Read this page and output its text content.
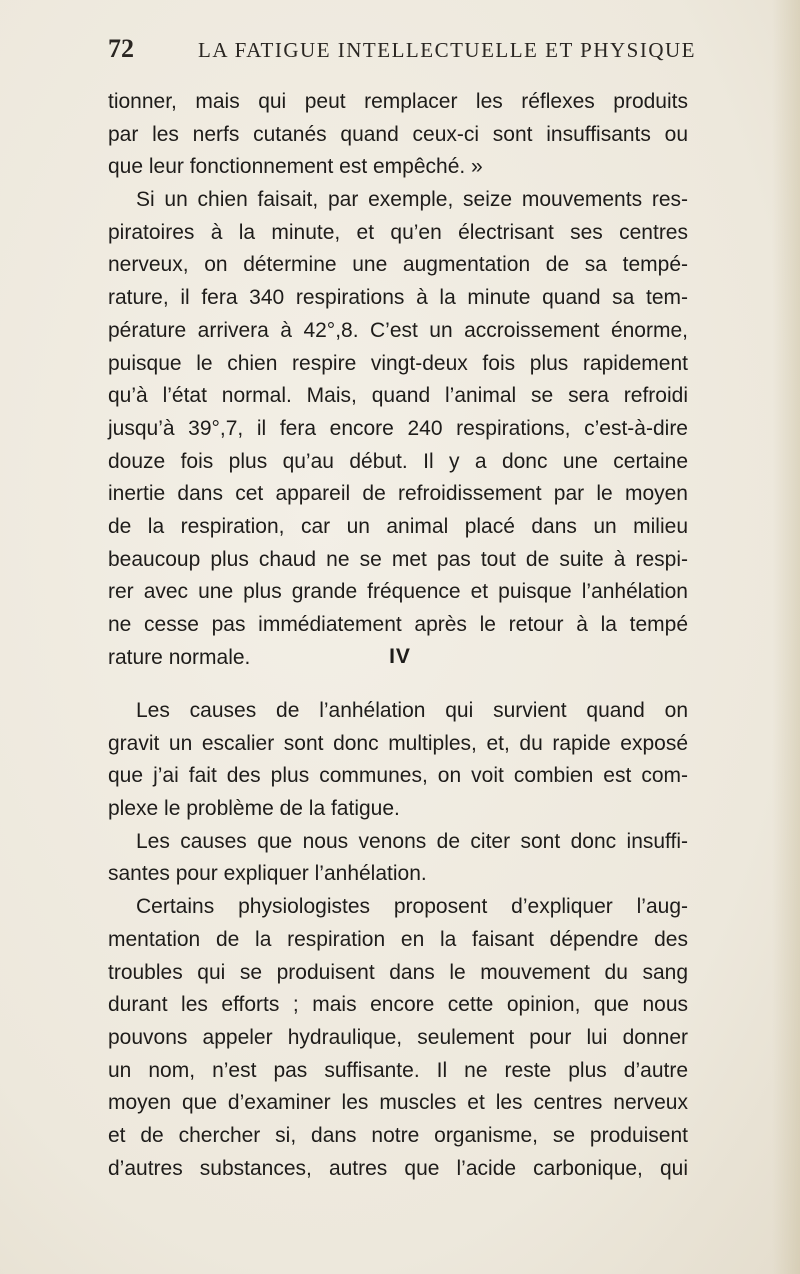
72	LA FATIGUE INTELLECTUELLE ET PHYSIQUE
tionner, mais qui peut remplacer les réflexes produits
par les nerfs cutanés quand ceux-ci sont insuffisants ou
que leur fonctionnement est empêché. »
Si un chien faisait, par exemple, seize mouvements res-
piratoires à la minute, et qu’en électrisant ses centres
nerveux, on détermine une augmentation de sa tempé-
rature, il fera 340 respirations à la minute quand sa tem-
pérature arrivera à 42°,8. C’est un accroissement énorme,
puisque le chien respire vingt-deux fois plus rapidement
qu’à l’état normal. Mais, quand l’animal se sera refroidi
jusqu’à 39°,7, il fera encore 240 respirations, c’est-à-dire
douze fois plus qu’au début. Il y a donc une certaine
inertie dans cet appareil de refroidissement par le moyen
de la respiration, car un animal placé dans un milieu
beaucoup plus chaud ne se met pas tout de suite à respi-
rer avec une plus grande fréquence et puisque l’anhélation
ne cesse pas immédiatement après le retour à la tempé
rature normale.	IV
Les causes de l’anhélation qui survient quand on
gravit un escalier sont donc multiples, et, du rapide exposé
que j’ai fait des plus communes, on voit combien est com-
plexe le problème de la fatigue.
Les causes que nous venons de citer sont donc insuffi-
santes pour expliquer l’anhélation.
Certains physiologistes proposent d’expliquer l’aug-
mentation de la respiration en la faisant dépendre des
troubles qui se produisent dans le mouvement du sang
durant les efforts ; mais encore cette opinion, que nous
pouvons appeler hydraulique, seulement pour lui donner
un nom, n’est pas suffisante. Il ne reste plus d’autre
moyen que d’examiner les muscles et les centres nerveux
et de chercher si, dans notre organisme, se produisent
d’autres substances, autres que l’acide carbonique, qui
